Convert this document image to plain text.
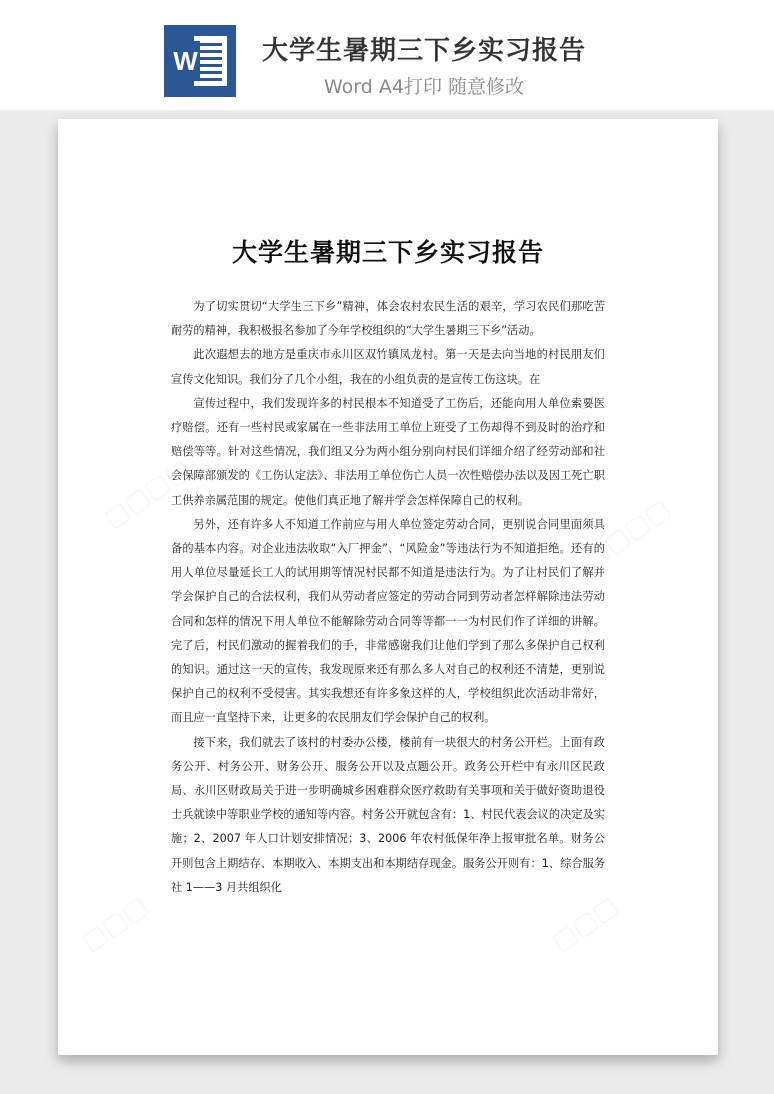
W 大学生暑期三下乡实习报告
Word A4打印 随意修改
▢▢▢▢	▢▢▢▢
▢▢▢	▢▢▢
大学生暑期三下乡实习报告

为了切实贯切“大学生三下乡”精神，体会农村农民生活的艰辛，学习农民们那吃苦耐劳的精神，我积极报名参加了今年学校组织的“大学生暑期三下乡”活动。

此次遐想去的地方是重庆市永川区双竹镇凤龙村。第一天是去向当地的村民朋友们宣传文化知识。我们分了几个小组，我在的小组负责的是宣传工伤这块。在

宣传过程中，我们发现许多的村民根本不知道受了工伤后，还能向用人单位索要医疗赔偿。还有一些村民或家属在一些非法用工单位上班受了工伤却得不到及时的治疗和赔偿等等。针对这些情况，我们组又分为两小组分别向村民们详细介绍了经劳动部和社会保障部颁发的《工伤认定法》、非法用工单位伤亡人员一次性赔偿办法以及因工死亡职工供养亲属范围的规定。使他们真正地了解并学会怎样保障自己的权利。

另外，还有许多人不知道工作前应与用人单位签定劳动合同，更别说合同里面须具备的基本内容。对企业违法收取“入厂押金”、“风险金”等违法行为不知道拒绝。还有的用人单位尽量延长工人的试用期等情况村民都不知道是违法行为。为了让村民们了解并学会保护自己的合法权利，我们从劳动者应签定的劳动合同到劳动者怎样解除违法劳动合同和怎样的情况下用人单位不能解除劳动合同等等都一一为村民们作了详细的讲解。完了后，村民们激动的握着我们的手，非常感谢我们让他们学到了那么多保护自己权利的知识。通过这一天的宣传，我发现原来还有那么多人对自己的权利还不清楚，更别说保护自己的权利不受侵害。其实我想还有许多象这样的人，学校组织此次活动非常好，而且应一直坚持下来，让更多的农民朋友们学会保护自己的权利。

接下来，我们就去了该村的村委办公楼，楼前有一块很大的村务公开栏。上面有政务公开、村务公开、财务公开、服务公开以及点题公开。政务公开栏中有永川区民政局、永川区财政局关于进一步明确城乡困难群众医疗救助有关事项和关于做好资助退役士兵就读中等职业学校的通知等内容。村务公开就包含有：1、村民代表会议的决定及实施；2、2007 年人口计划安排情况；3、2006 年农村低保年净上报审批名单。财务公开则包含上期结存、本期收入、本期支出和本期结存现金。服务公开则有：1、综合服务社 1——3 月共组织化
